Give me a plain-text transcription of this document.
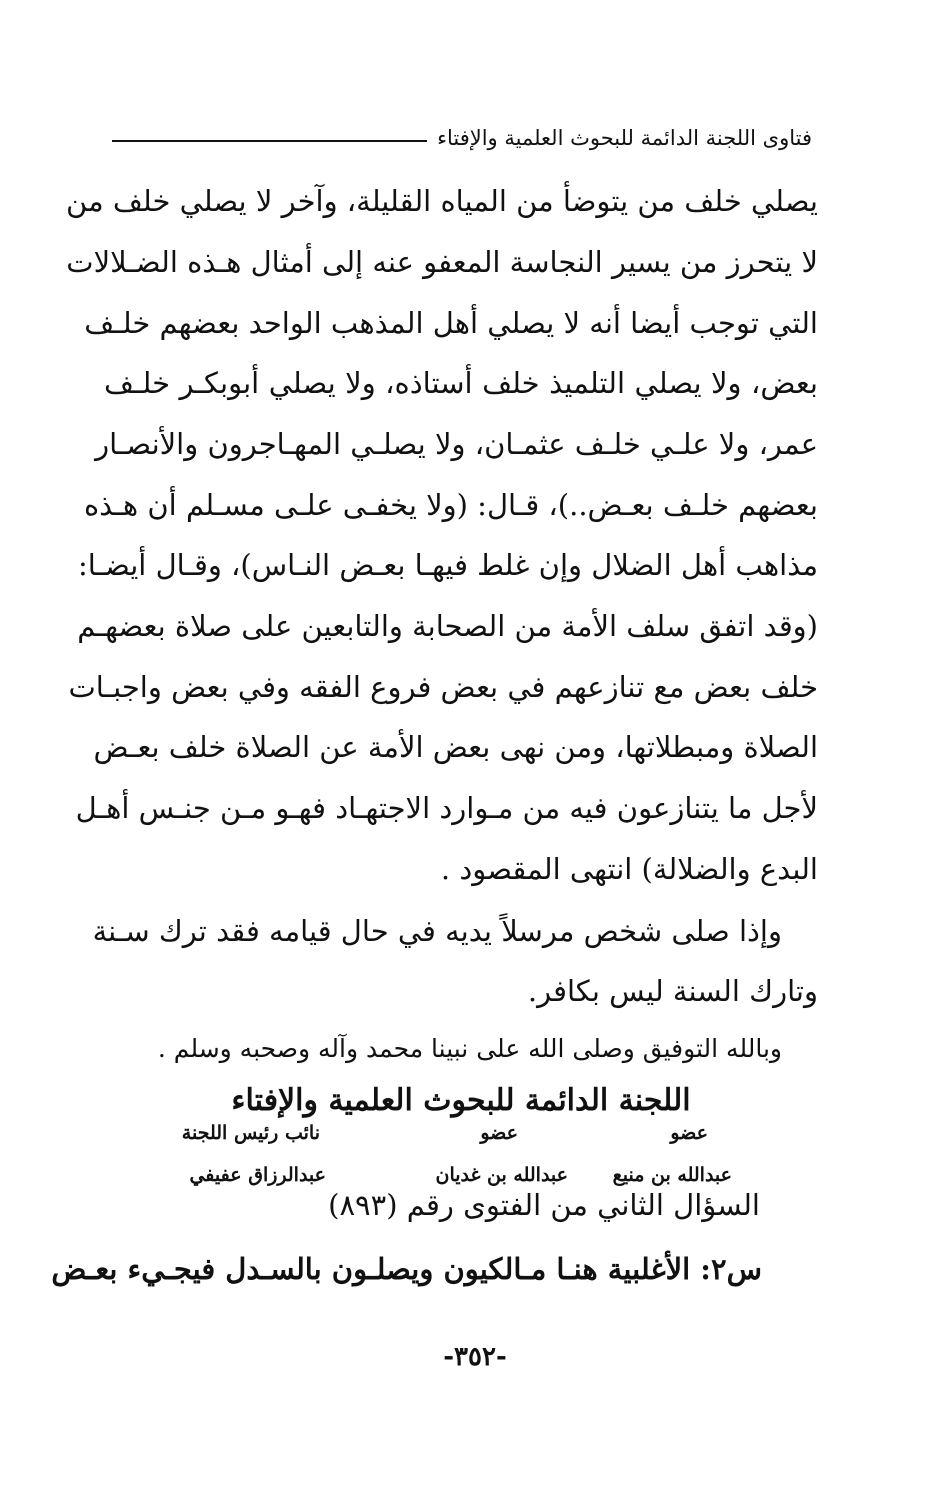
فتاوى اللجنة الدائمة للبحوث العلمية والإفتاء
يصلي خلف من يتوضأ من المياه القليلة، وآخر لا يصلي خلف من
لا يتحرز من يسير النجاسة المعفو عنه إلى أمثال هـذه الضـلالات
التي توجب أيضا أنه لا يصلي أهل المذهب الواحد بعضهم خلـف
بعض، ولا يصلي التلميذ خلف أستاذه، ولا يصلي أبوبكـر خلـف
عمر، ولا علـي خلـف عثمـان، ولا يصلـي المهـاجرون والأنصـار
بعضهم خلـف بعـض..)، قـال: (ولا يخفـى علـى مسـلم أن هـذه
مذاهب أهل الضلال وإن غلط فيهـا بعـض النـاس)، وقـال أيضـا:
(وقد اتفق سلف الأمة من الصحابة والتابعين على صلاة بعضهـم
خلف بعض مع تنازعهم في بعض فروع الفقه وفي بعض واجبـات
الصلاة ومبطلاتها، ومن نهى بعض الأمة عن الصلاة خلف بعـض
لأجل ما يتنازعون فيه من مـوارد الاجتهـاد فهـو مـن جنـس أهـل
البدع والضلالة) انتهى المقصود .
وإذا صلى شخص مرسلاً يديه في حال قيامه فقد ترك سـنة
وتارك السنة ليس بكافر.
وبالله التوفيق وصلى الله على نبينا محمد وآله وصحبه وسلم .
اللجنة الدائمة للبحوث العلمية والإفتاء
عضو
عبدالله بن منيع
عضو
عبدالله بن غديان
نائب رئيس اللجنة
عبدالرزاق عفيفي
السؤال الثاني من الفتوى رقم (٨٩٣)
س٢: الأغلبية هنـا مـالكيون ويصلـون بالسـدل فيجـيء بعـض
-٣٥٢-
